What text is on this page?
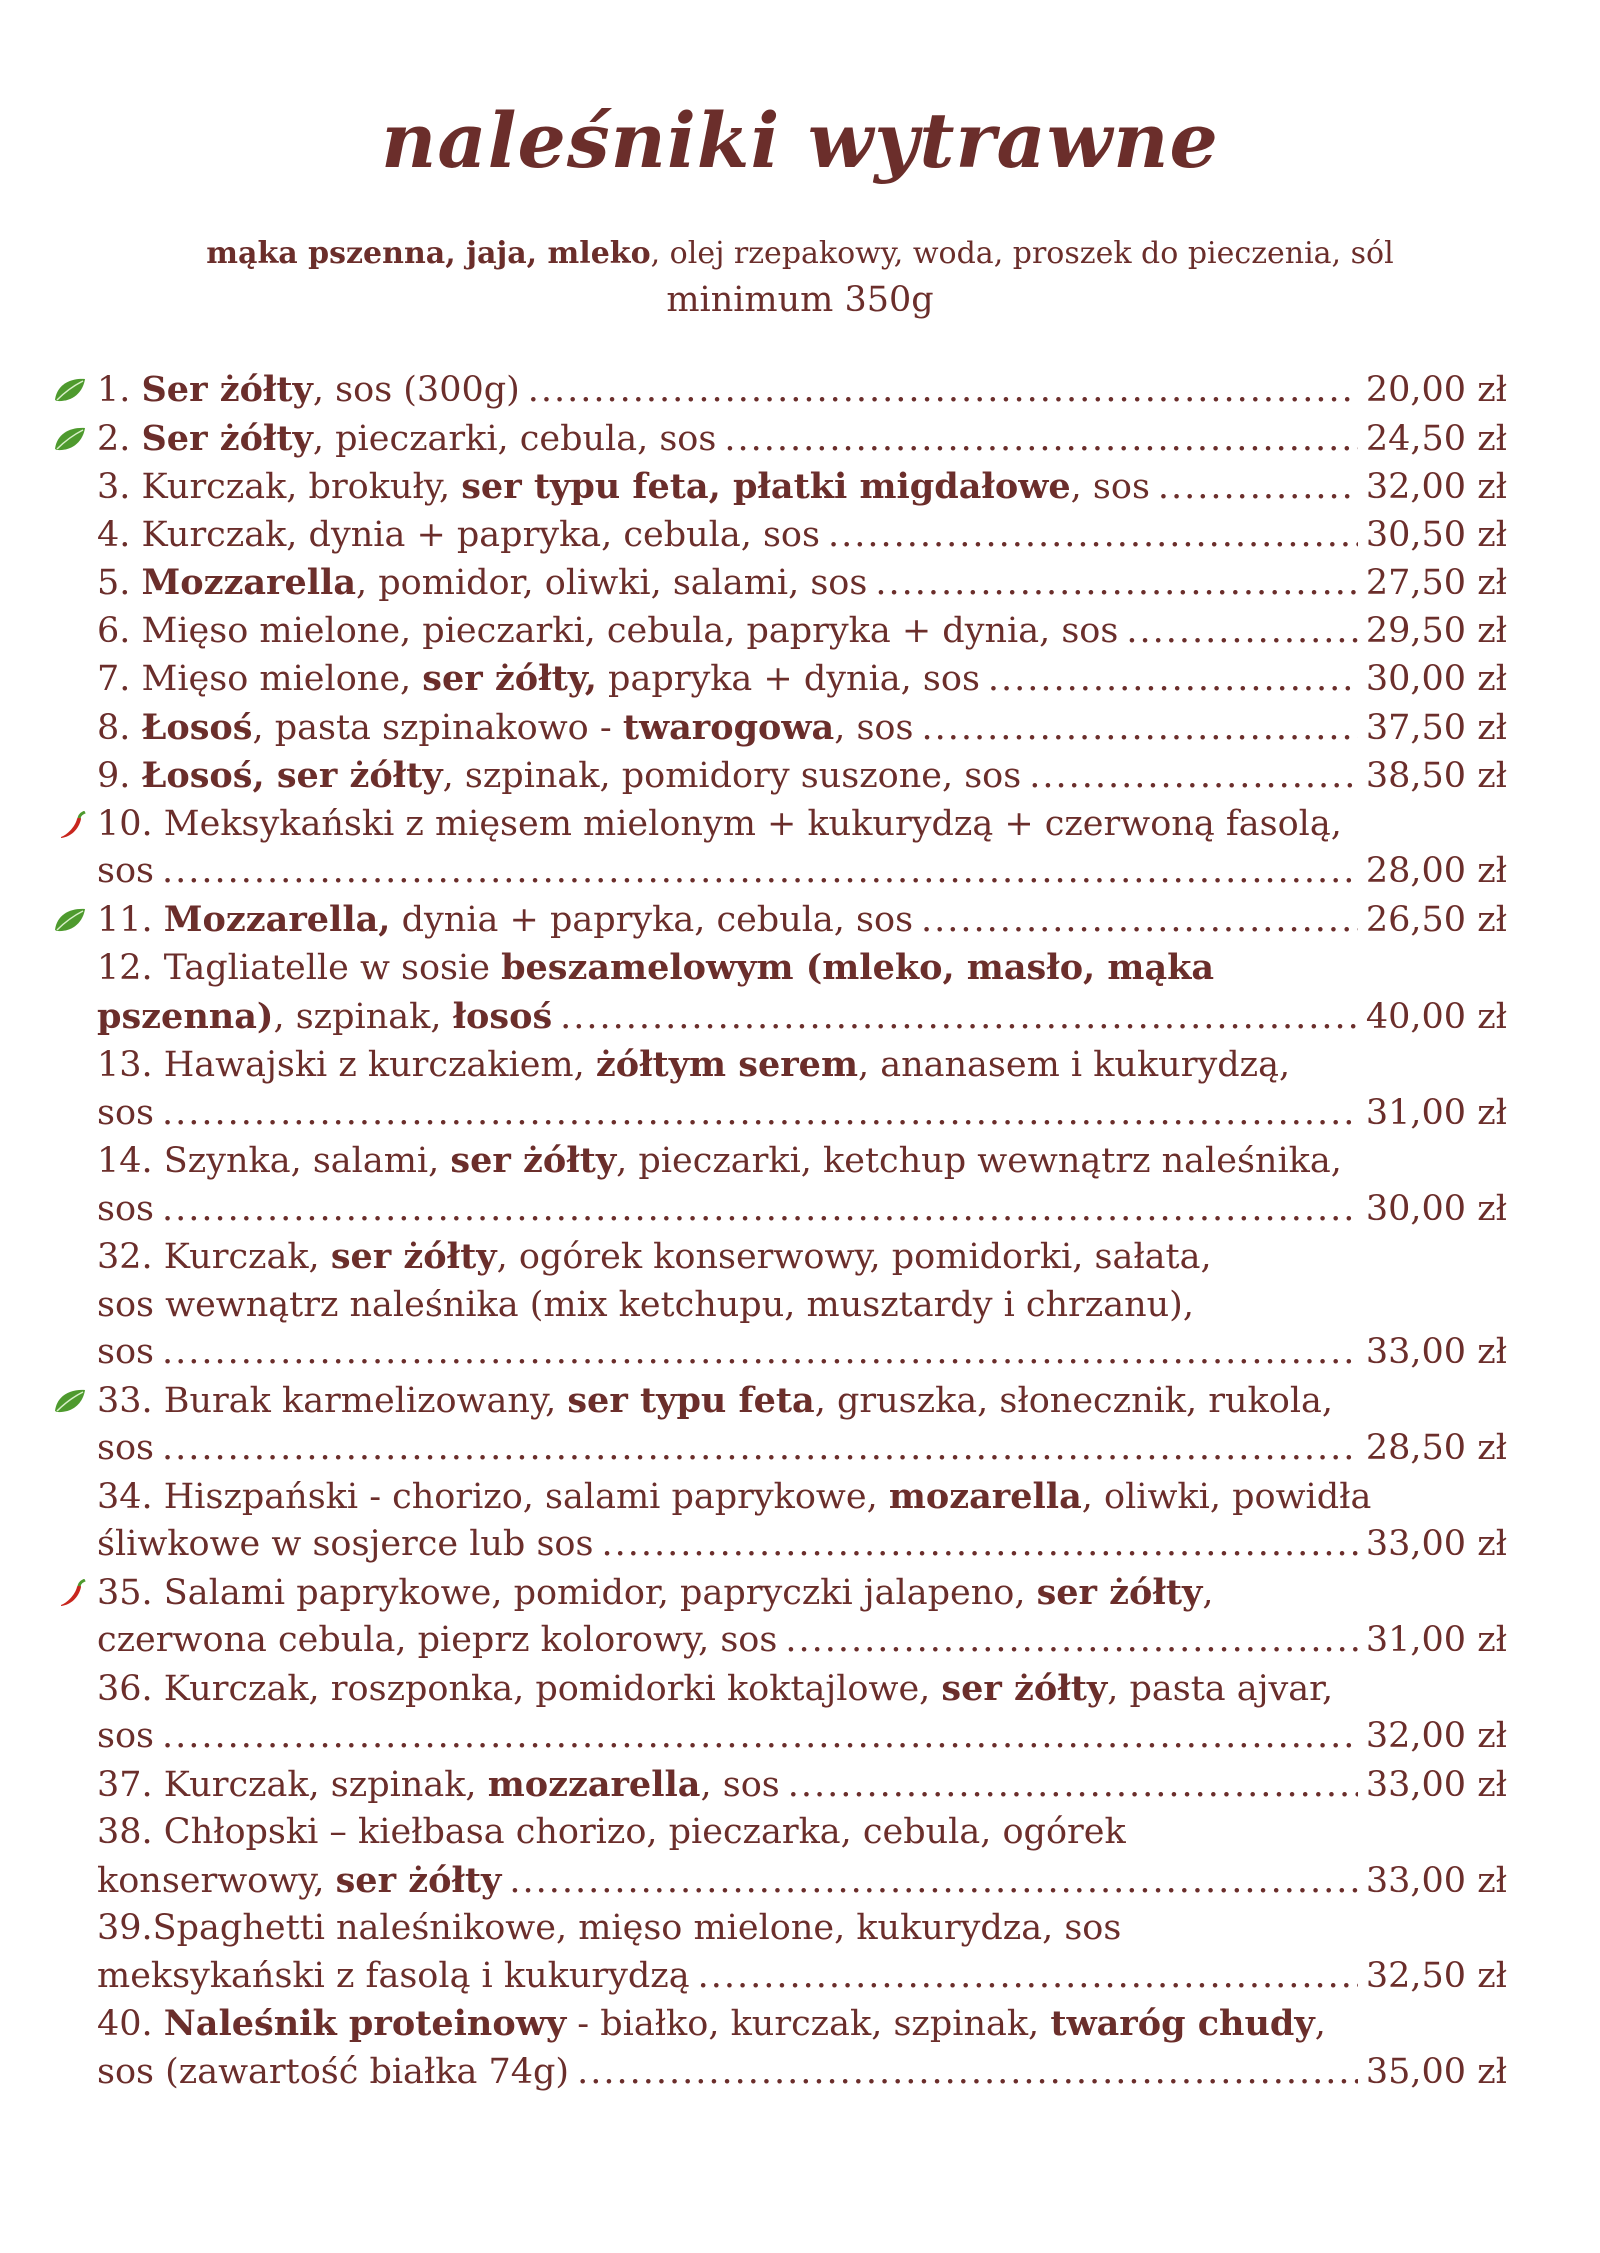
naleśniki wytrawne
mąka pszenna, jaja, mleko, olej rzepakowy, woda, proszek do pieczenia, sól
minimum 350g
1. Ser żółty, sos (300g) .....	20,00 zł
2. Ser żółty, pieczarki, cebula, sos .....	24,50 zł
3. Kurczak, brokuły, ser typu feta, płatki migdałowe, sos .....	32,00 zł
4. Kurczak, dynia + papryka, cebula, sos .....	30,50 zł
5. Mozzarella, pomidor, oliwki, salami, sos .....	27,50 zł
6. Mięso mielone, pieczarki, cebula, papryka + dynia, sos .....	29,50 zł
7. Mięso mielone, ser żółty, papryka + dynia, sos .....	30,00 zł
8. Łosoś, pasta szpinakowo - twarogowa, sos .....	37,50 zł
9. Łosoś, ser żółty, szpinak, pomidory suszone, sos .....	38,50 zł
10. Meksykański z mięsem mielonym + kukurydzą + czerwoną fasolą,
sos .....	28,00 zł
11. Mozzarella, dynia + papryka, cebula, sos .....	26,50 zł
12. Tagliatelle w sosie beszamelowym (mleko, masło, mąka
pszenna), szpinak, łosoś .....	40,00 zł
13. Hawajski z kurczakiem, żółtym serem, ananasem i kukurydzą,
sos .....	31,00 zł
14. Szynka, salami, ser żółty, pieczarki, ketchup wewnątrz naleśnika,
sos .....	30,00 zł
32. Kurczak, ser żółty, ogórek konserwowy, pomidorki, sałata,
sos wewnątrz naleśnika (mix ketchupu, musztardy i chrzanu),
sos .....	33,00 zł
33. Burak karmelizowany, ser typu feta, gruszka, słonecznik, rukola,
sos .....	28,50 zł
34. Hiszpański - chorizo, salami paprykowe, mozarella, oliwki, powidła
śliwkowe w sosjerce lub sos .....	33,00 zł
35. Salami paprykowe, pomidor, papryczki jalapeno, ser żółty,
czerwona cebula, pieprz kolorowy, sos .....	31,00 zł
36. Kurczak, roszponka, pomidorki koktajlowe, ser żółty, pasta ajvar,
sos .....	32,00 zł
37. Kurczak, szpinak, mozzarella, sos .....	33,00 zł
38. Chłopski – kiełbasa chorizo, pieczarka, cebula, ogórek
konserwowy, ser żółty .....	33,00 zł
39.Spaghetti naleśnikowe, mięso mielone, kukurydza, sos
meksykański z fasolą i kukurydzą .....	32,50 zł
40. Naleśnik proteinowy - białko, kurczak, szpinak, twaróg chudy,
sos (zawartość białka 74g) .....	35,00 zł
